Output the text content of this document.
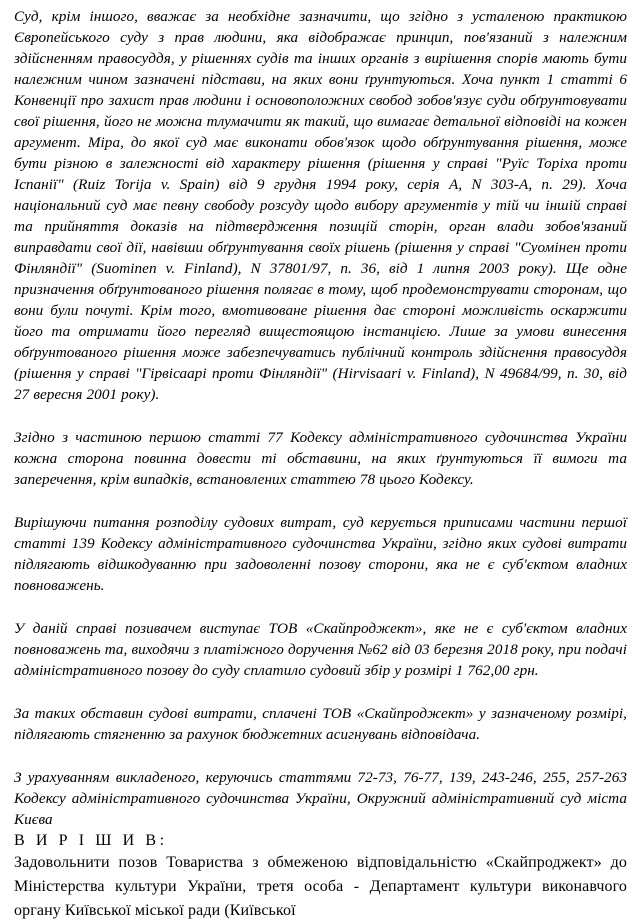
Суд, крім іншого, вважає за необхідне зазначити, що згідно з усталеною практикою Європейського суду з прав людини, яка відображає принцип, пов'язаний з належним здійсненням правосуддя, у рішеннях судів та інших органів з вирішення спорів мають бути належним чином зазначені підстави, на яких вони ґрунтуються. Хоча пункт 1 статті 6 Конвенції про захист прав людини і основоположних свобод зобов'язує суди обґрунтовувати свої рішення, його не можна тлумачити як такий, що вимагає детальної відповіді на кожен аргумент. Міра, до якої суд має виконати обов'язок щодо обґрунтування рішення, може бути різною в залежності від характеру рішення (рішення у справі "Руїс Торіха проти Іспанії" (Ruiz Torija v. Spain) від 9 грудня 1994 року, серія А, N 303-А, п. 29). Хоча національний суд має певну свободу розсуду щодо вибору аргументів у тій чи іншій справі та прийняття доказів на підтвердження позицій сторін, орган влади зобов'язаний виправдати свої дії, навівши обґрунтування своїх рішень (рішення у справі "Суомінен проти Фінляндії" (Suominen v. Finland), N 37801/97, п. 36, від 1 липня 2003 року). Ще одне призначення обґрунтованого рішення полягає в тому, щоб продемонструвати сторонам, що вони були почуті. Крім того, вмотивоване рішення дає стороні можливість оскаржити його та отримати його перегляд вищестоящою інстанцією. Лише за умови винесення обґрунтованого рішення може забезпечуватись публічний контроль здійснення правосуддя (рішення у справі "Гірвісаарі проти Фінляндії" (Hirvisaari v. Finland), N 49684/99, п. 30, від 27 вересня 2001 року).

Згідно з частиною першою статті 77 Кодексу адміністративного судочинства України кожна сторона повинна довести ті обставини, на яких ґрунтуються її вимоги та заперечення, крім випадків, встановлених статтею 78 цього Кодексу.

Вирішуючи питання розподілу судових витрат, суд керується приписами частини першої статті 139 Кодексу адміністративного судочинства України, згідно яких судові витрати підлягають відшкодуванню при задоволенні позову сторони, яка не є суб'єктом владних повноважень.

У даній справі позивачем виступає ТОВ «Скайпроджект», яке не є суб'єктом владних повноважень та, виходячи з платіжного доручення №62 від 03 березня 2018 року, при подачі адміністративного позову до суду сплатило судовий збір у розмірі 1 762,00 грн.

За таких обставин судові витрати, сплачені ТОВ «Скайпроджект» у зазначеному розмірі, підлягають стягненню за рахунок бюджетних асигнувань відповідача.

З урахуванням викладеного, керуючись статтями 72-73, 76-77, 139, 243-246, 255, 257-263 Кодексу адміністративного судочинства України, Окружний адміністративний суд міста Києва

В И Р І Ш И В:

Задовольнити позов Товариства з обмеженою відповідальністю «Скайпроджект» до Міністерства культури України, третя особа - Департамент культури виконавчого органу Київської міської ради (Київської
